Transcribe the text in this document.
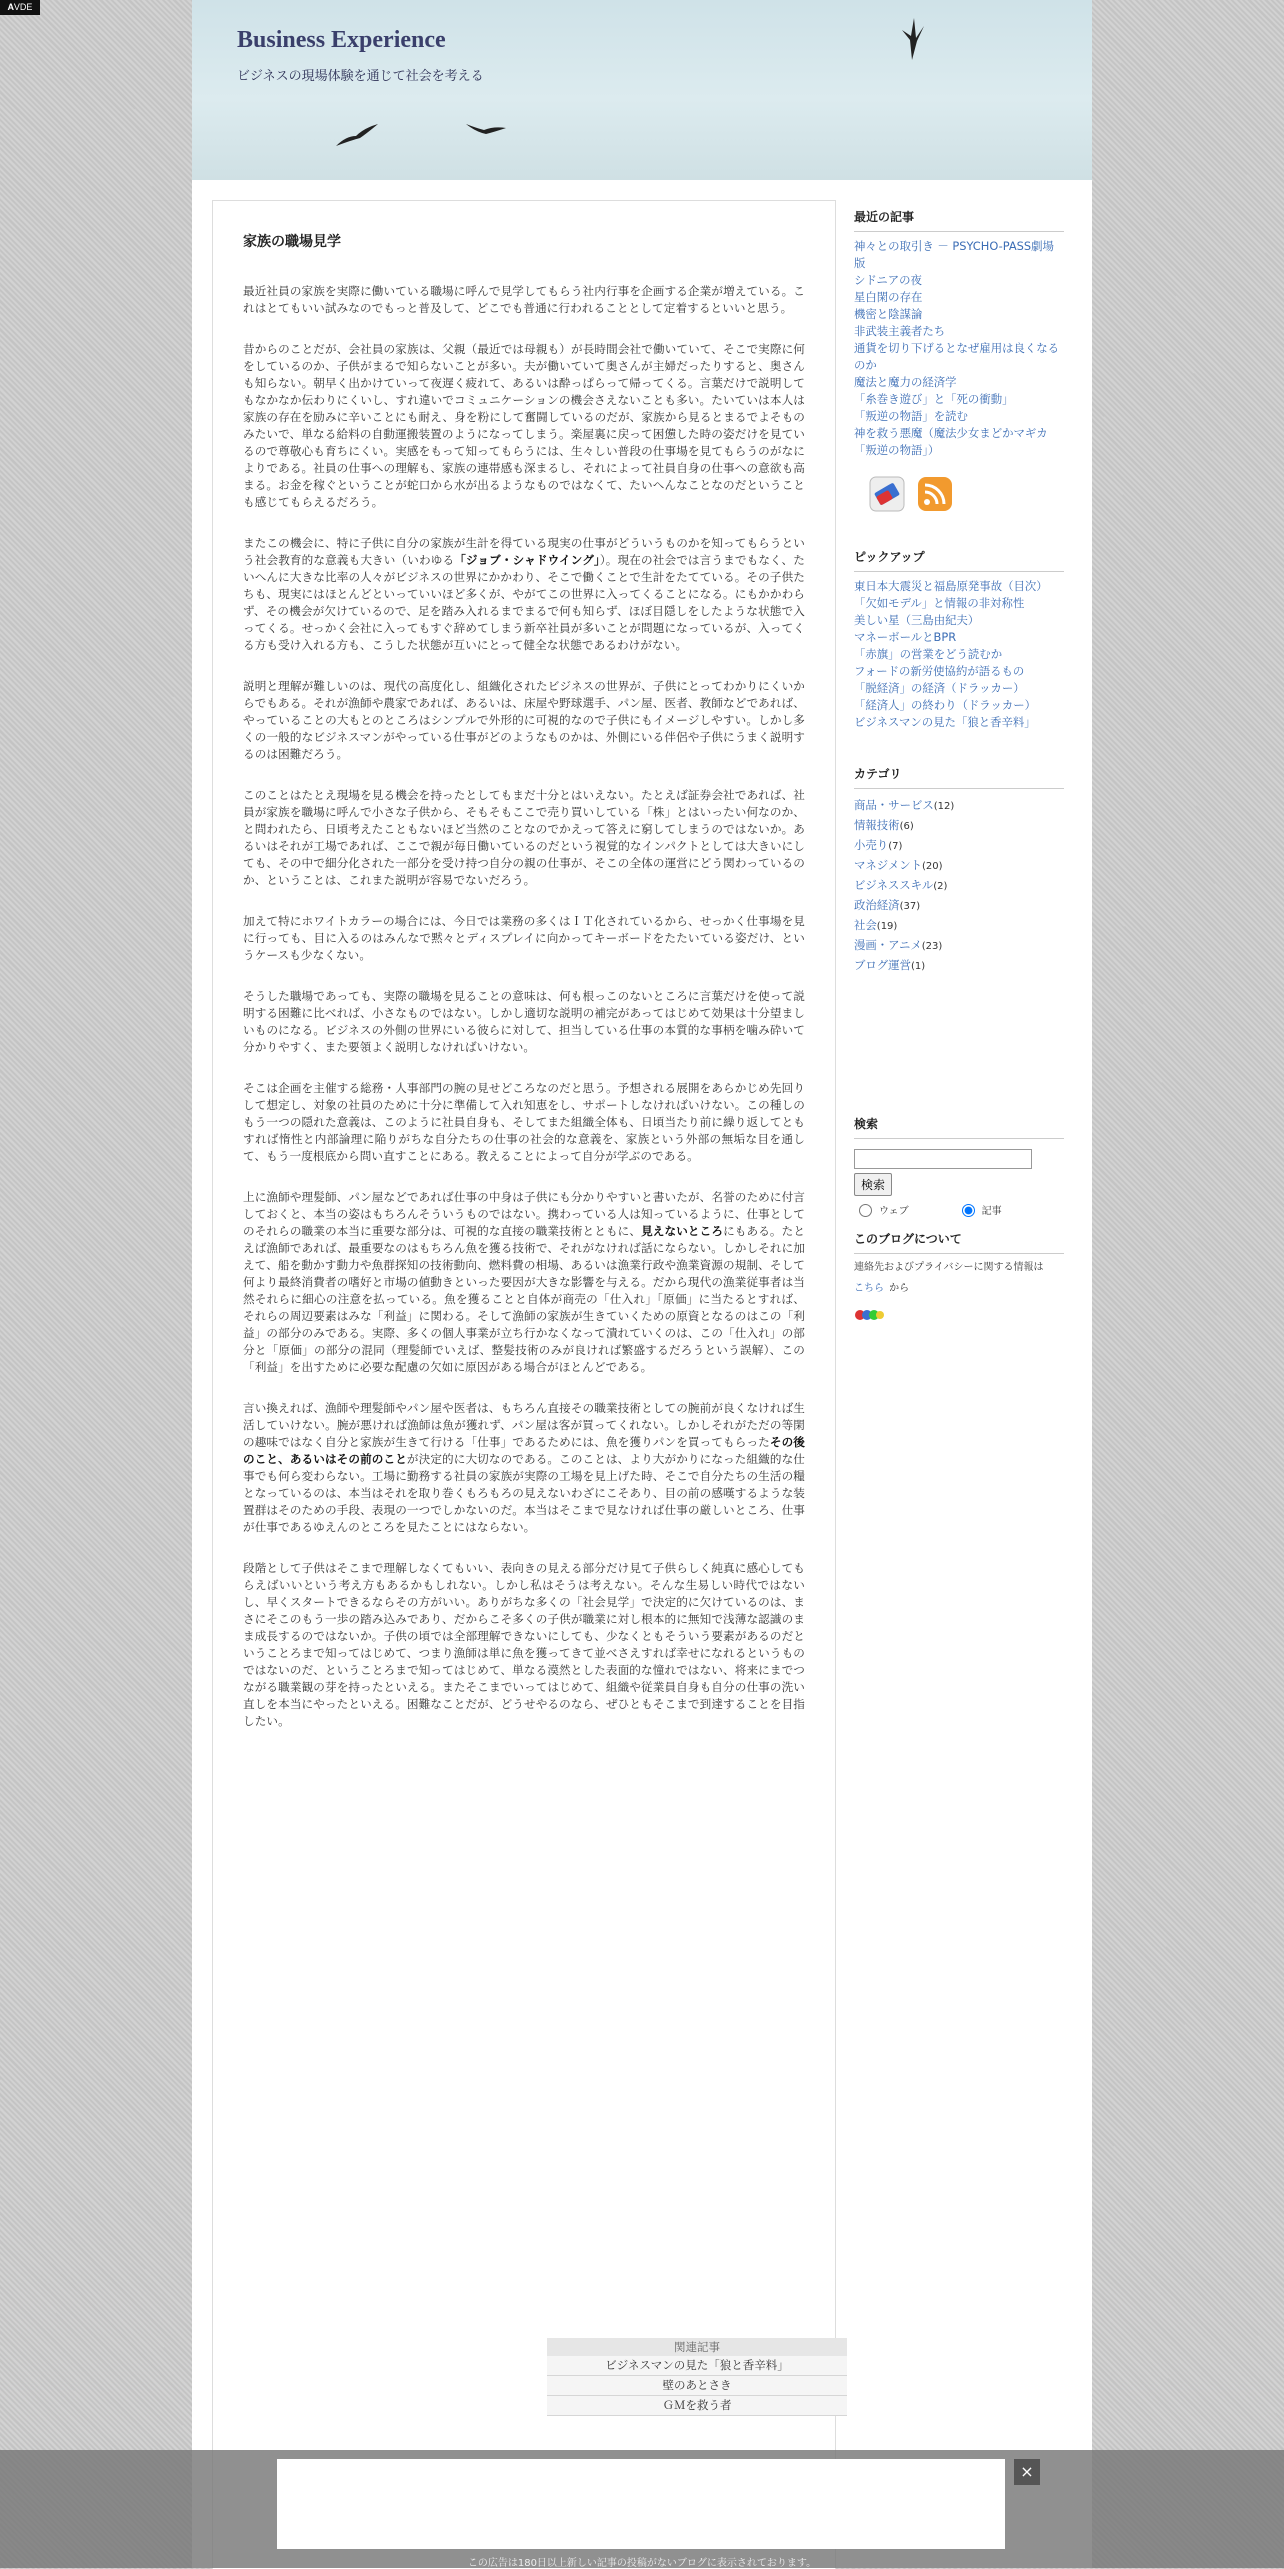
𝐀VDE
Business Experience
ビジネスの現場体験を通じて社会を考える
家族の職場見学

最近社員の家族を実際に働いている職場に呼んで見学してもらう社内行事を企画する企業が増えている。これはとてもいい試みなのでもっと普及して、どこでも普通に行われることとして定着するといいと思う。

昔からのことだが、会社員の家族は、父親（最近では母親も）が長時間会社で働いていて、そこで実際に何をしているのか、子供がまるで知らないことが多い。夫が働いていて奥さんが主婦だったりすると、奥さんも知らない。朝早く出かけていって夜遅く疲れて、あるいは酔っぱらって帰ってくる。言葉だけで説明してもなかなか伝わりにくいし、すれ違いでコミュニケーションの機会さえないことも多い。たいていは本人は家族の存在を励みに辛いことにも耐え、身を粉にして奮闘しているのだが、家族から見るとまるでよそものみたいで、単なる給料の自動運搬装置のようになってしまう。楽屋裏に戻って困憊した時の姿だけを見ているので尊敬心も育ちにくい。実感をもって知ってもらうには、生々しい普段の仕事場を見てもらうのがなによりである。社員の仕事への理解も、家族の連帯感も深まるし、それによって社員自身の仕事への意欲も高まる。お金を稼ぐということが蛇口から水が出るようなものではなくて、たいへんなことなのだということも感じてもらえるだろう。

またこの機会に、特に子供に自分の家族が生計を得ている現実の仕事がどういうものかを知ってもらうという社会教育的な意義も大きい（いわゆる「ジョブ・シャドウイング」）。現在の社会では言うまでもなく、たいへんに大きな比率の人々がビジネスの世界にかかわり、そこで働くことで生計をたてている。その子供たちも、現実にはほとんどといっていいほど多くが、やがてこの世界に入ってくることになる。にもかかわらず、その機会が欠けているので、足を踏み入れるまでまるで何も知らず、ほぼ目隠しをしたような状態で入ってくる。せっかく会社に入ってもすぐ辞めてしまう新卒社員が多いことが問題になっているが、入ってくる方も受け入れる方も、こうした状態が互いにとって健全な状態であるわけがない。

説明と理解が難しいのは、現代の高度化し、組織化されたビジネスの世界が、子供にとってわかりにくいからでもある。それが漁師や農家であれば、あるいは、床屋や野球選手、パン屋、医者、教師などであれば、やっていることの大もとのところはシンプルで外形的に可視的なので子供にもイメージしやすい。しかし多くの一般的なビジネスマンがやっている仕事がどのようなものかは、外側にいる伴侶や子供にうまく説明するのは困難だろう。

このことはたとえ現場を見る機会を持ったとしてもまだ十分とはいえない。たとえば証券会社であれば、社員が家族を職場に呼んで小さな子供から、そもそもここで売り買いしている「株」とはいったい何なのか、と問われたら、日頃考えたこともないほど当然のことなのでかえって答えに窮してしまうのではないか。あるいはそれが工場であれば、ここで親が毎日働いているのだという視覚的なインパクトとしては大きいにしても、その中で細分化された一部分を受け持つ自分の親の仕事が、そこの全体の運営にどう関わっているのか、ということは、これまた説明が容易でないだろう。

加えて特にホワイトカラーの場合には、今日では業務の多くはＩＴ化されているから、せっかく仕事場を見に行っても、目に入るのはみんなで黙々とディスプレイに向かってキーボードをたたいている姿だけ、というケースも少なくない。

そうした職場であっても、実際の職場を見ることの意味は、何も根っこのないところに言葉だけを使って説明する困難に比べれば、小さなものではない。しかし適切な説明の補完があってはじめて効果は十分望ましいものになる。ビジネスの外側の世界にいる彼らに対して、担当している仕事の本質的な事柄を噛み砕いて分かりやすく、また要領よく説明しなければいけない。

そこは企画を主催する総務・人事部門の腕の見せどころなのだと思う。予想される展開をあらかじめ先回りして想定し、対象の社員のために十分に準備して入れ知恵をし、サポートしなければいけない。この種しのもう一つの隠れた意義は、このように社員自身も、そしてまた組織全体も、日頃当たり前に繰り返してともすれば惰性と内部論理に陥りがちな自分たちの仕事の社会的な意義を、家族という外部の無垢な目を通して、もう一度根底から問い直すことにある。教えることによって自分が学ぶのである。

上に漁師や理髪師、パン屋などであれば仕事の中身は子供にも分かりやすいと書いたが、名誉のために付言しておくと、本当の姿はもちろんそういうものではない。携わっている人は知っているように、仕事としてのそれらの職業の本当に重要な部分は、可視的な直接の職業技術とともに、見えないところにもある。たとえば漁師であれば、最重要なのはもちろん魚を獲る技術で、それがなければ話にならない。しかしそれに加えて、船を動かす動力や魚群探知の技術動向、燃料費の相場、あるいは漁業行政や漁業資源の規制、そして何より最終消費者の嗜好と市場の値動きといった要因が大きな影響を与える。だから現代の漁業従事者は当然それらに細心の注意を払っている。魚を獲ることと自体が商売の「仕入れ」「原価」に当たるとすれば、それらの周辺要素はみな「利益」に関わる。そして漁師の家族が生きていくための原資となるのはこの「利益」の部分のみである。実際、多くの個人事業が立ち行かなくなって潰れていくのは、この「仕入れ」の部分と「原価」の部分の混同（理髪師でいえば、整髪技術のみが良ければ繁盛するだろうという誤解）、この「利益」を出すために必要な配慮の欠如に原因がある場合がほとんどである。

言い換えれば、漁師や理髪師やパン屋や医者は、もちろん直接その職業技術としての腕前が良くなければ生活していけない。腕が悪ければ漁師は魚が獲れず、パン屋は客が買ってくれない。しかしそれがただの等閑の趣味ではなく自分と家族が生きて行ける「仕事」であるためには、魚を獲りパンを買ってもらったその後のこと、あるいはその前のことが決定的に大切なのである。このことは、より大がかりになった組織的な仕事でも何ら変わらない。工場に勤務する社員の家族が実際の工場を見上げた時、そこで自分たちの生活の糧となっているのは、本当はそれを取り巻くもろもろの見えないわざにこそあり、目の前の感嘆するような装置群はそのための手段、表現の一つでしかないのだ。本当はそこまで見なければ仕事の厳しいところ、仕事が仕事であるゆえんのところを見たことにはならない。

段階として子供はそこまで理解しなくてもいい、表向きの見える部分だけ見て子供らしく純真に感心してもらえばいいという考え方もあるかもしれない。しかし私はそうは考えない。そんな生易しい時代ではないし、早くスタートできるならその方がいい。ありがちな多くの「社会見学」で決定的に欠けているのは、まさにそこのもう一歩の踏み込みであり、だからこそ多くの子供が職業に対し根本的に無知で浅薄な認識のまま成長するのではないか。子供の頃では全部理解できないにしても、少なくともそういう要素があるのだということろまで知ってはじめて、つまり漁師は単に魚を獲ってきて並べさえすれば幸せになれるというものではないのだ、ということろまで知ってはじめて、単なる漠然とした表面的な憧れではない、将来にまでつながる職業観の芽を持ったといえる。またそこまでいってはじめて、組織や従業員自身も自分の仕事の洗い直しを本当にやったといえる。困難なことだが、どうせやるのなら、ぜひともそこまで到達することを目指したい。

関連記事
ビジネスマンの見た「狼と香辛料」
壁のあとさき
ＧＭを救う者
最近の記事
神々との取引き － PSYCHO-PASS劇場版
シドニアの夜
星白閑の存在
機密と陰謀論
非武装主義者たち
通貨を切り下げるとなぜ雇用は良くなるのか
魔法と魔力の経済学
「糸巻き遊び」と「死の衝動」
「叛逆の物語」を読む
神を救う悪魔（魔法少女まどかマギカ「叛逆の物語」）
ピックアップ
東日本大震災と福島原発事故（目次）
「欠如モデル」と情報の非対称性
美しい星（三島由紀夫）
マネーボールとBPR
「赤旗」の営業をどう読むか
フォードの新労使協約が語るもの
「脱経済」の経済（ドラッカー）
「経済人」の終わり（ドラッカー）
ビジネスマンの見た「狼と香辛料」
カテゴリ
商品・サービス(12)
情報技術(6)
小売り(7)
マネジメント(20)
ビジネススキル(2)
政治経済(37)
社会(19)
漫画・アニメ(23)
ブログ運営(1)
検索
検索
ウェブ	記事
このブログについて
連絡先およびプライバシーに関する情報は
こちら から
×
この広告は180日以上新しい記事の投稿がないブログに表示されております。
